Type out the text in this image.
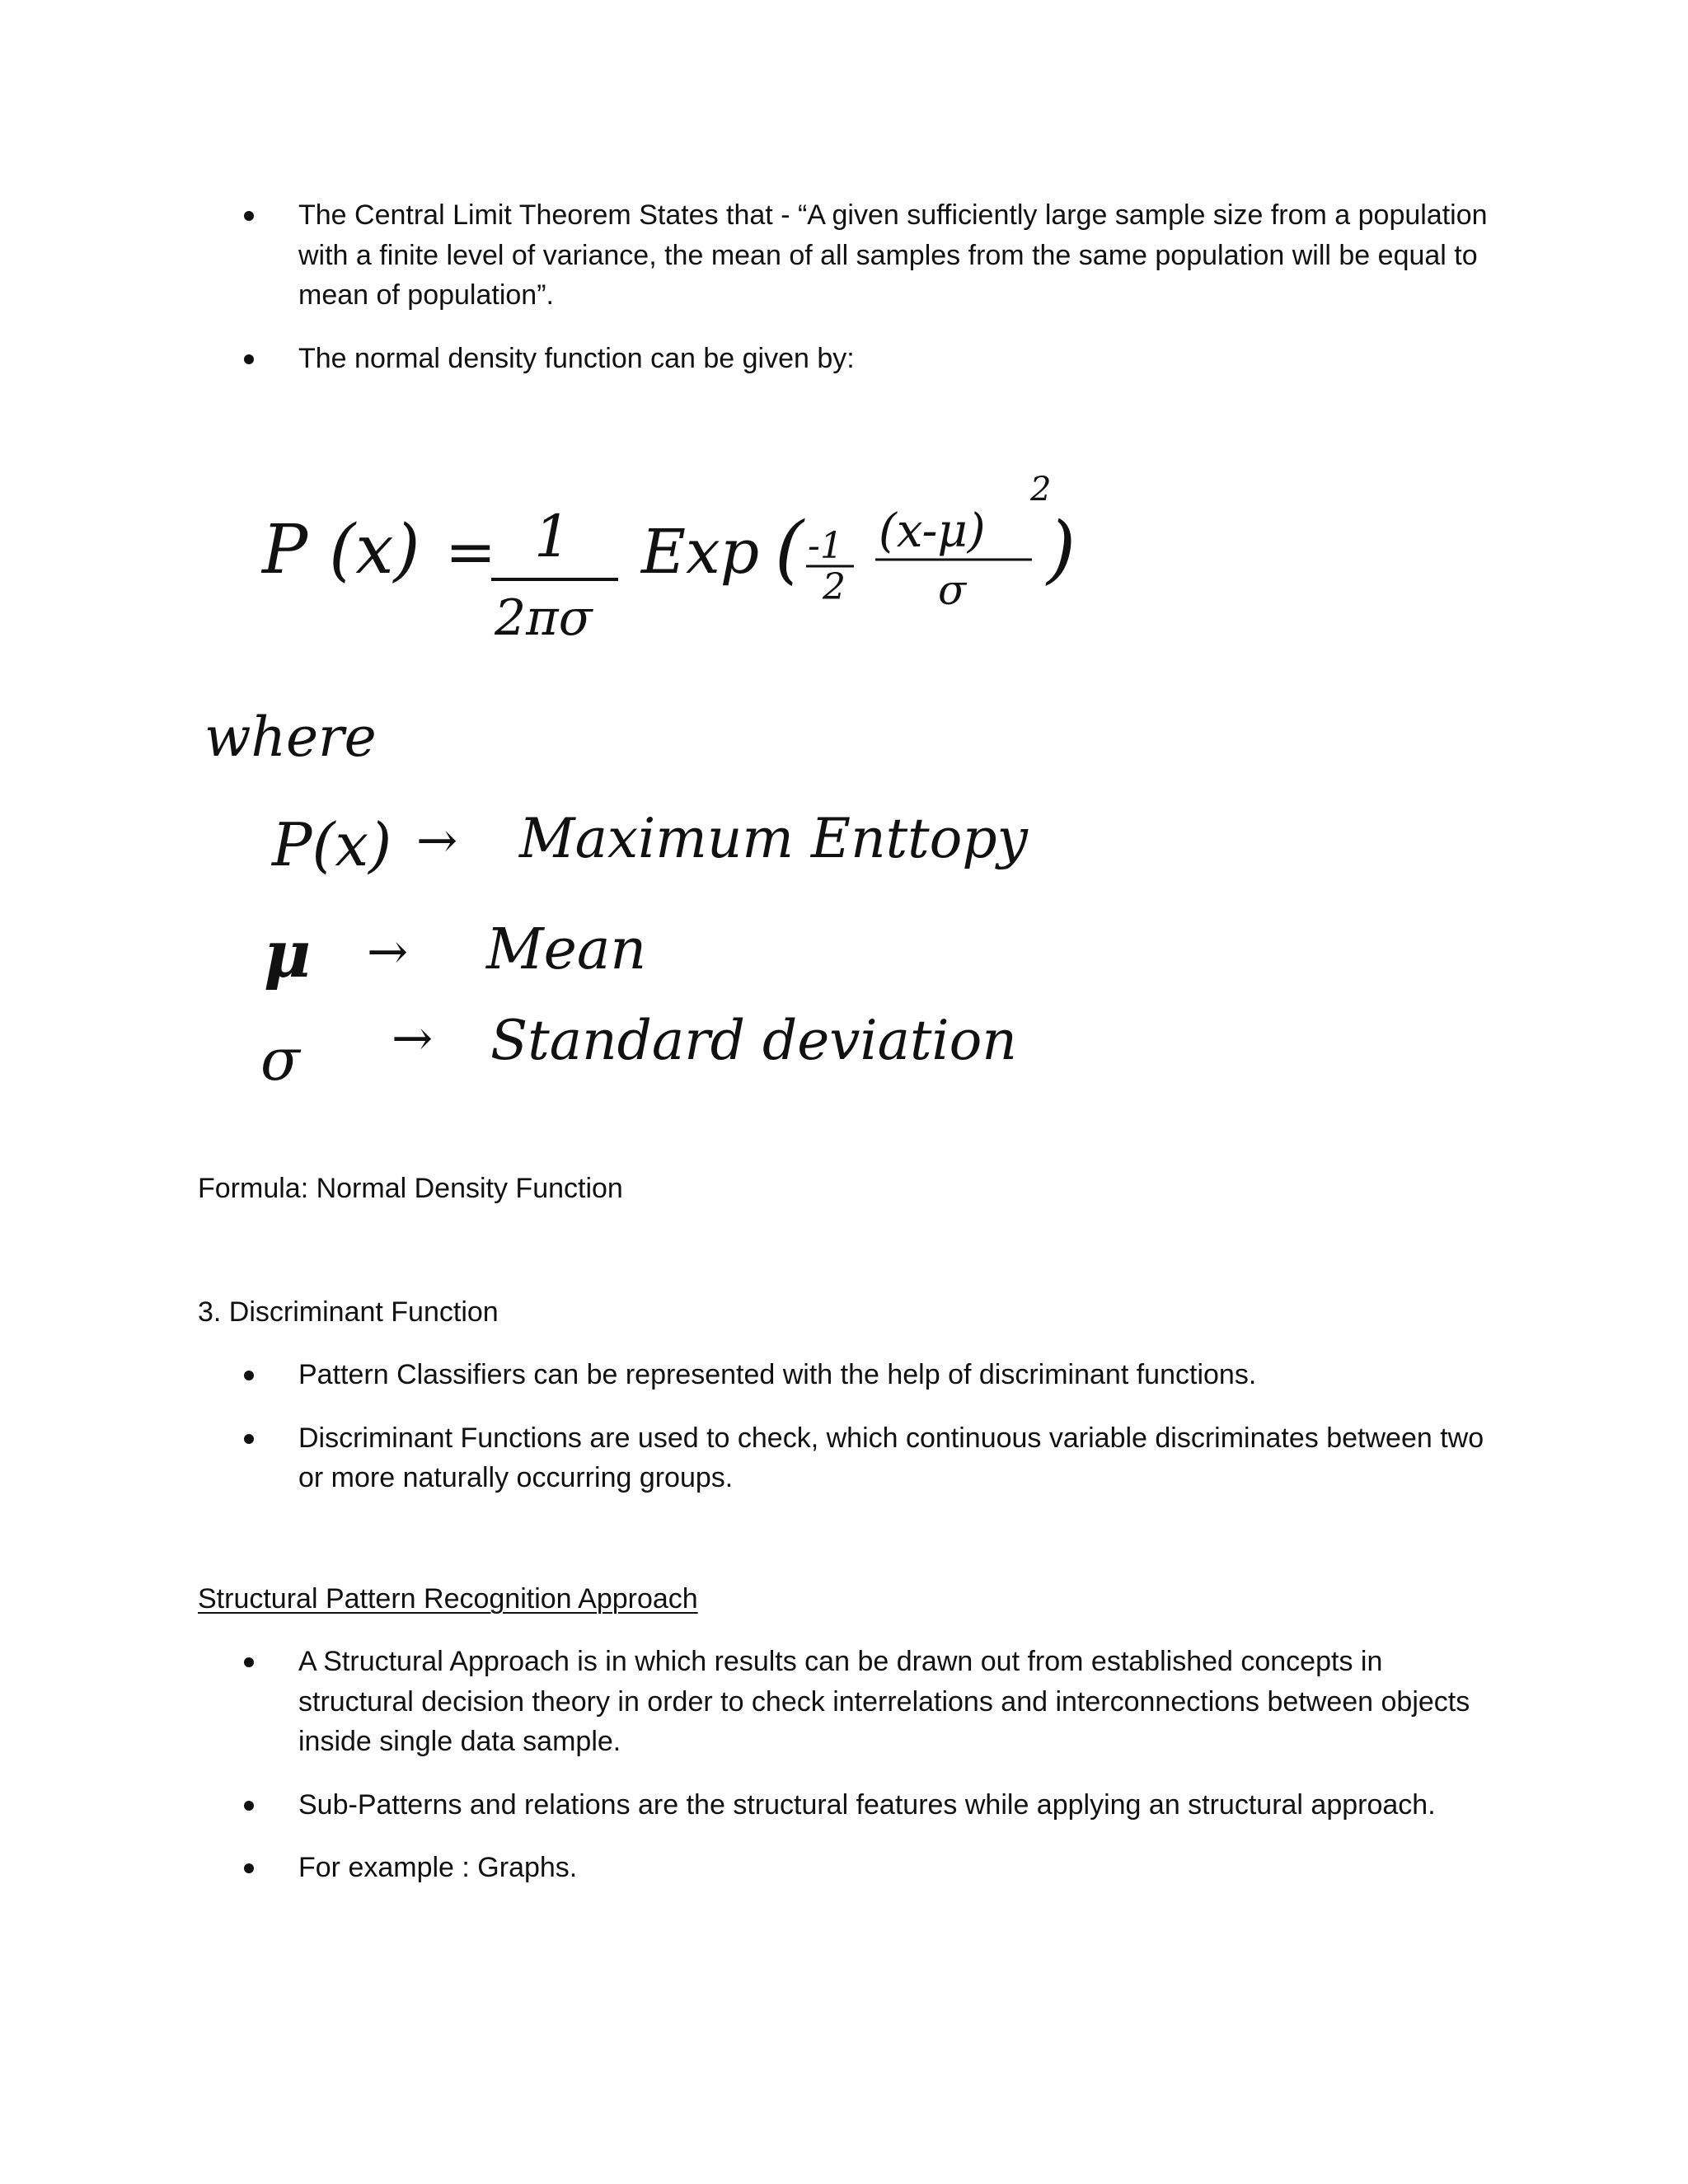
The Central Limit Theorem States that - “A given sufficiently large sample size from a population with a finite level of variance, the mean of all samples from the same population will be equal to mean of population”.
The normal density function can be given by:
P (x) = 1
2πσ
Exp ( -1
2
(x-μ)
2
σ )
where
P(x) → Maximum Enttopy
μ → Mean
σ → Standard deviation
Formula: Normal Density Function
3. Discriminant Function
Pattern Classifiers can be represented with the help of discriminant functions.
Discriminant Functions are used to check, which continuous variable discriminates between two or more naturally occurring groups.
Structural Pattern Recognition Approach
A Structural Approach is in which results can be drawn out from established concepts in structural decision theory in order to check interrelations and interconnections between objects inside single data sample.
Sub-Patterns and relations are the structural features while applying an structural approach.
For example : Graphs.
